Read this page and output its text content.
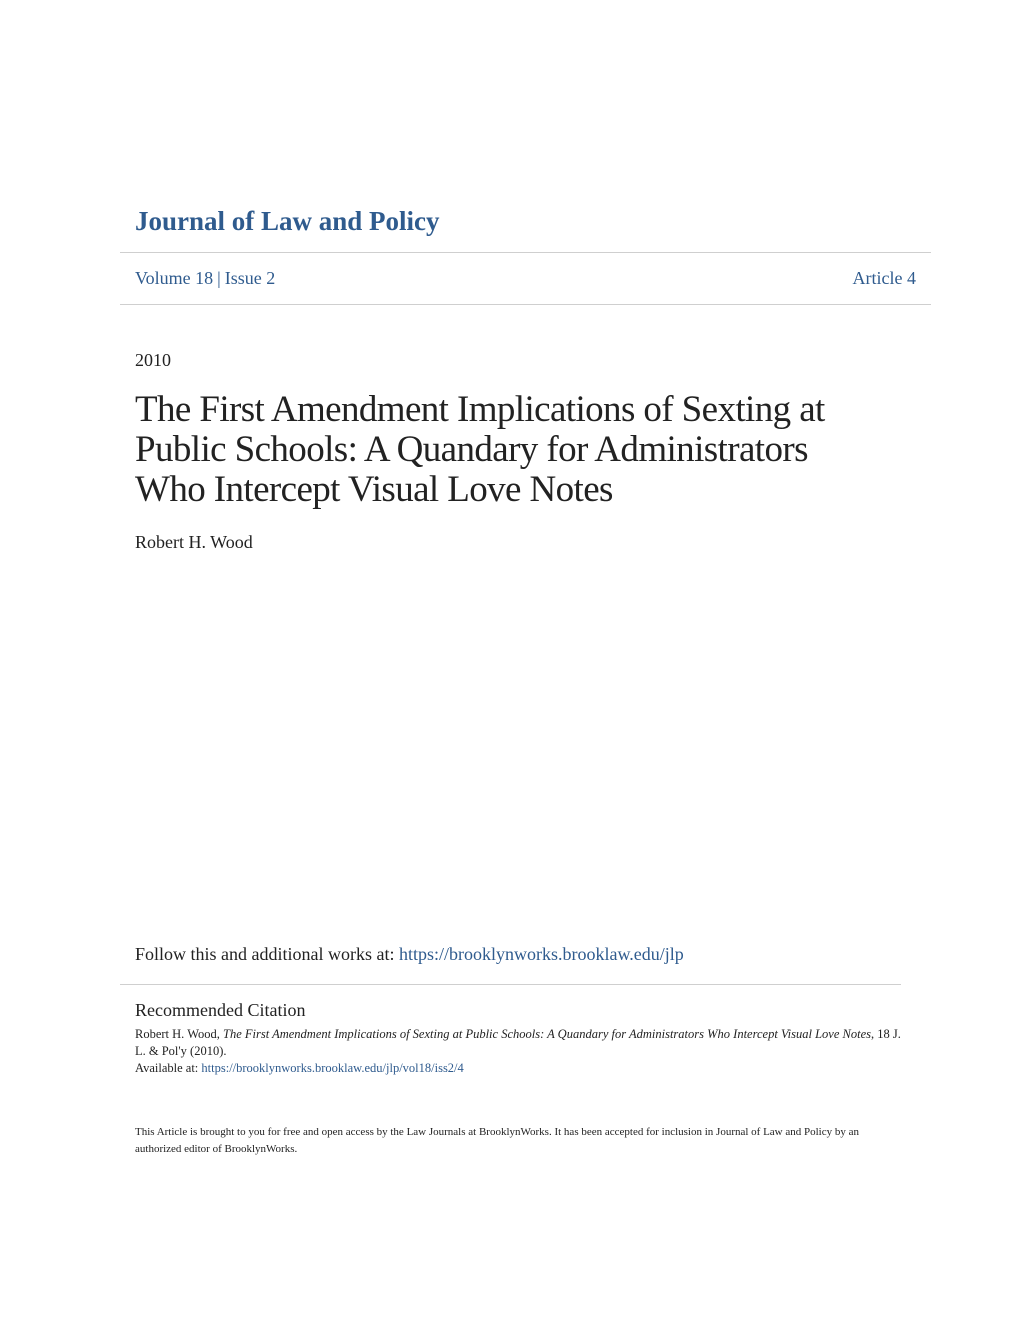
Journal of Law and Policy
Volume 18 | Issue 2	Article 4
2010
The First Amendment Implications of Sexting at Public Schools: A Quandary for Administrators Who Intercept Visual Love Notes
Robert H. Wood
Follow this and additional works at: https://brooklynworks.brooklaw.edu/jlp
Recommended Citation
Robert H. Wood, The First Amendment Implications of Sexting at Public Schools: A Quandary for Administrators Who Intercept Visual Love Notes, 18 J. L. & Pol'y (2010).
Available at: https://brooklynworks.brooklaw.edu/jlp/vol18/iss2/4
This Article is brought to you for free and open access by the Law Journals at BrooklynWorks. It has been accepted for inclusion in Journal of Law and Policy by an authorized editor of BrooklynWorks.
